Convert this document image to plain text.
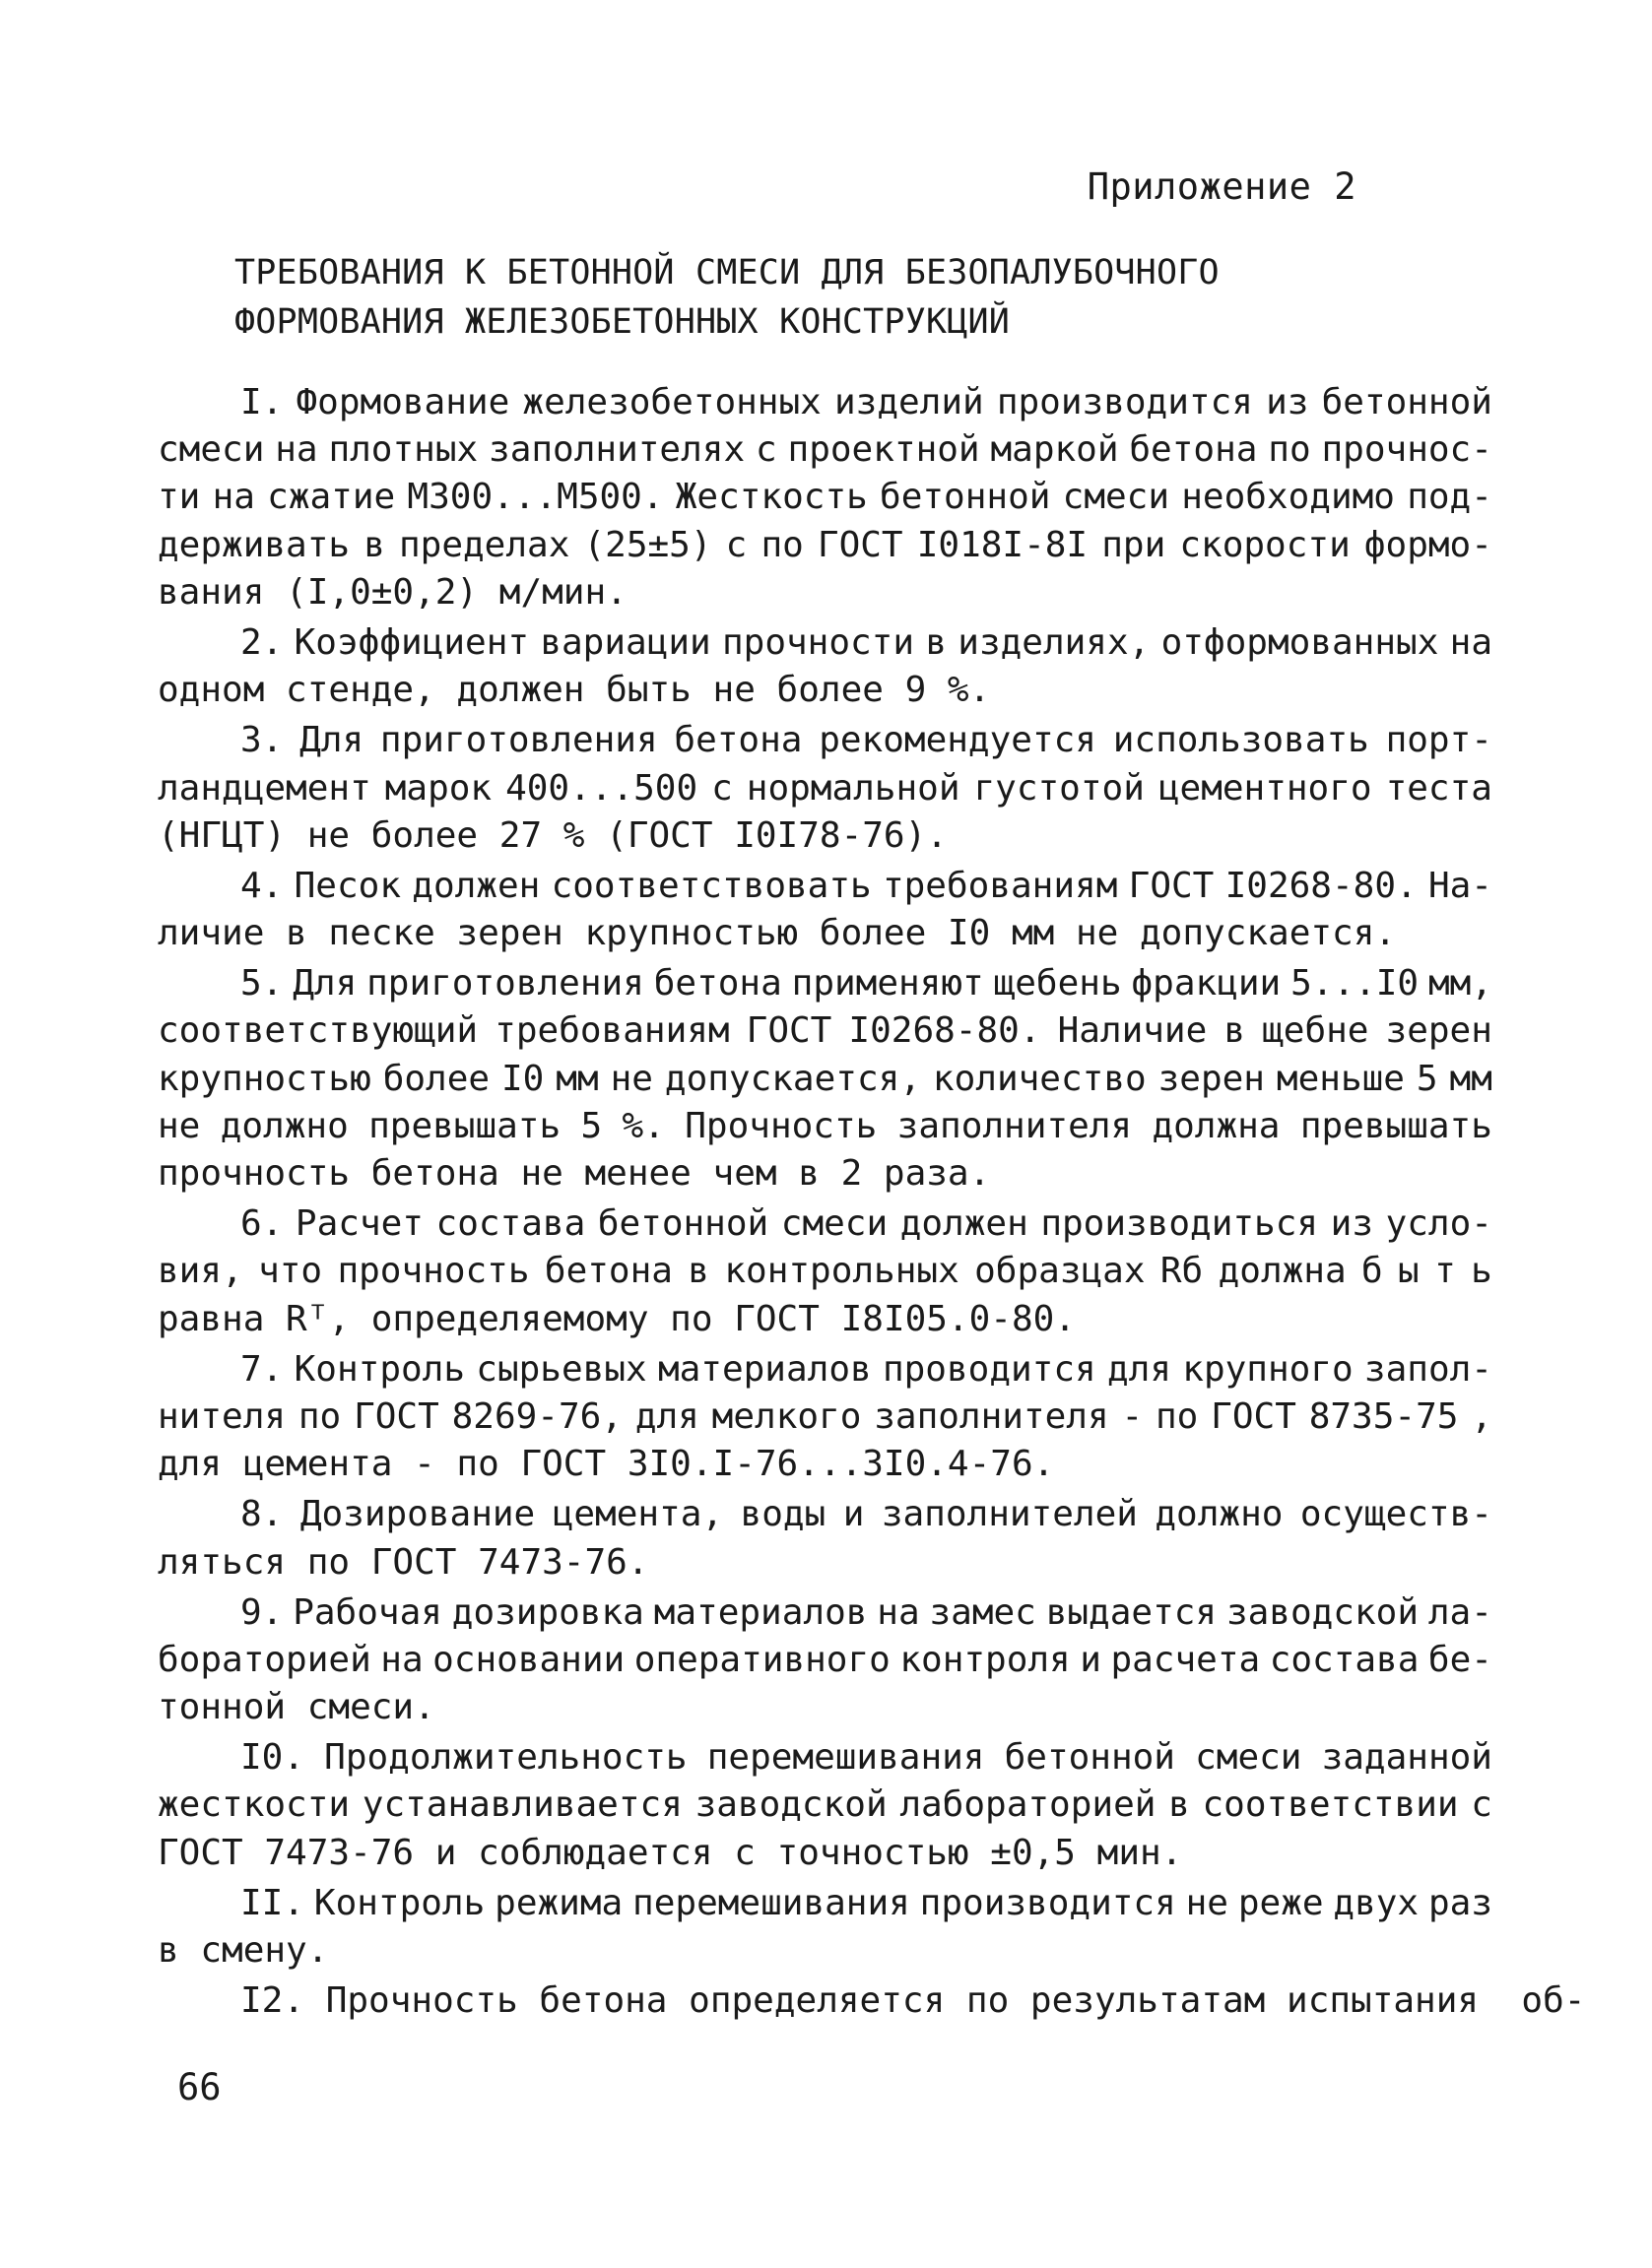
Приложение 2
ТРЕБОВАНИЯ К БЕТОННОЙ СМЕСИ ДЛЯ БЕЗОПАЛУБОЧНОГО
ФОРМОВАНИЯ ЖЕЛЕЗОБЕТОННЫХ КОНСТРУКЦИЙ
I. Формование железобетонных изделий производится из бетонной
смеси на плотных заполнителях с проектной маркой бетона по прочнос-
ти на сжатие М300...М500. Жесткость бетонной смеси необходимо под-
держивать в пределах (25±5) с по ГОСТ I018I-8I при скорости формо-
вания (I,0±0,2) м/мин.
2. Коэффициент вариации прочности в изделиях, отформованных на
одном стенде, должен быть не более 9 %.
3. Для приготовления бетона рекомендуется использовать порт-
ландцемент марок 400...500 с нормальной густотой цементного теста
(НГЦТ) не более 27 % (ГОСТ I0I78-76).
4. Песок должен соответствовать требованиям ГОСТ I0268-80. На-
личие в песке зерен крупностью более I0 мм не допускается.
5. Для приготовления бетона применяют щебень фракции 5...I0 мм,
соответствующий требованиям ГОСТ I0268-80. Наличие в щебне зерен
крупностью более I0 мм не допускается, количество зерен меньше 5 мм
не должно превышать 5 %. Прочность заполнителя должна превышать
прочность бетона не менее чем в 2 раза.
6. Расчет состава бетонной смеси должен производиться из усло-
вия, что прочность бетона в контрольных образцах Rб должна б ы т ь
равна Rᵀ, определяемому по ГОСТ I8I05.0-80.
7. Контроль сырьевых материалов проводится для крупного запол-
нителя по ГОСТ 8269-76, для мелкого заполнителя - по ГОСТ 8735-75 ,
для цемента - по ГОСТ 3I0.I-76...3I0.4-76.
8. Дозирование цемента, воды и заполнителей должно осуществ-
ляться по ГОСТ 7473-76.
9. Рабочая дозировка материалов на замес выдается заводской ла-
бораторией на основании оперативного контроля и расчета состава бе-
тонной смеси.
I0. Продолжительность перемешивания бетонной смеси заданной
жесткости устанавливается заводской лабораторией в соответствии с
ГОСТ 7473-76 и соблюдается с точностью ±0,5 мин.
II. Контроль режима перемешивания производится не реже двух раз
в смену.
I2. Прочность бетона определяется по результатам испытания  об-
66
